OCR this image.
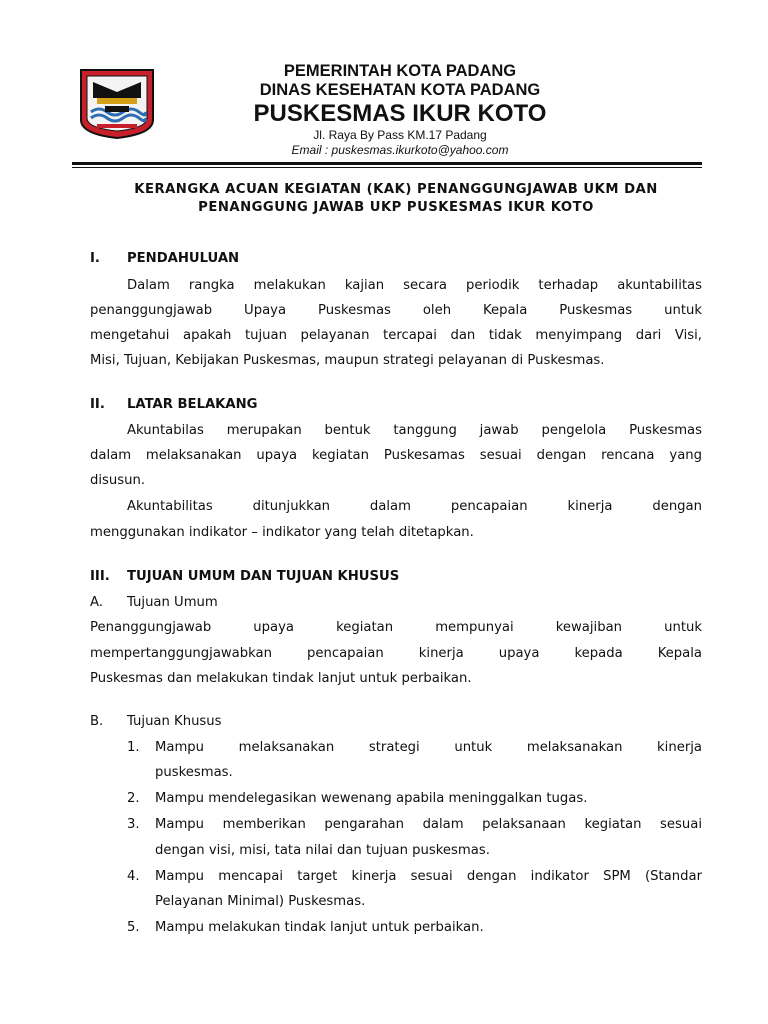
PEMERINTAH KOTA PADANG
DINAS KESEHATAN KOTA PADANG
PUSKESMAS IKUR KOTO
Jl. Raya By Pass KM.17 Padang
Email : puskesmas.ikurkoto@yahoo.com
KERANGKA ACUAN KEGIATAN (KAK) PENANGGUNGJAWAB UKM DAN
PENANGGUNG JAWAB UKP PUSKESMAS IKUR KOTO
I. PENDAHULUAN
Dalam rangka melakukan kajian secara periodik terhadap akuntabilitas
penanggungjawab Upaya Puskesmas oleh Kepala Puskesmas untuk
mengetahui apakah tujuan pelayanan tercapai dan tidak menyimpang dari Visi,
Misi, Tujuan, Kebijakan Puskesmas, maupun strategi pelayanan di Puskesmas.
II. LATAR BELAKANG
Akuntabilas merupakan bentuk tanggung jawab pengelola Puskesmas
dalam melaksanakan upaya kegiatan Puskesamas sesuai dengan rencana yang
disusun.
Akuntabilitas ditunjukkan dalam pencapaian kinerja dengan
menggunakan indikator – indikator yang telah ditetapkan.
III. TUJUAN UMUM DAN TUJUAN KHUSUS
A. Tujuan Umum
Penanggungjawab upaya kegiatan mempunyai kewajiban untuk
mempertanggungjawabkan pencapaian kinerja upaya kepada Kepala
Puskesmas dan melakukan tindak lanjut untuk perbaikan.
B. Tujuan Khusus
1. Mampu melaksanakan strategi untuk melaksanakan kinerja
puskesmas.
2. Mampu mendelegasikan wewenang apabila meninggalkan tugas.
3. Mampu memberikan pengarahan dalam pelaksanaan kegiatan sesuai
dengan visi, misi, tata nilai dan tujuan puskesmas.
4. Mampu mencapai target kinerja sesuai dengan indikator SPM (Standar
Pelayanan Minimal) Puskesmas.
5. Mampu melakukan tindak lanjut untuk perbaikan.
